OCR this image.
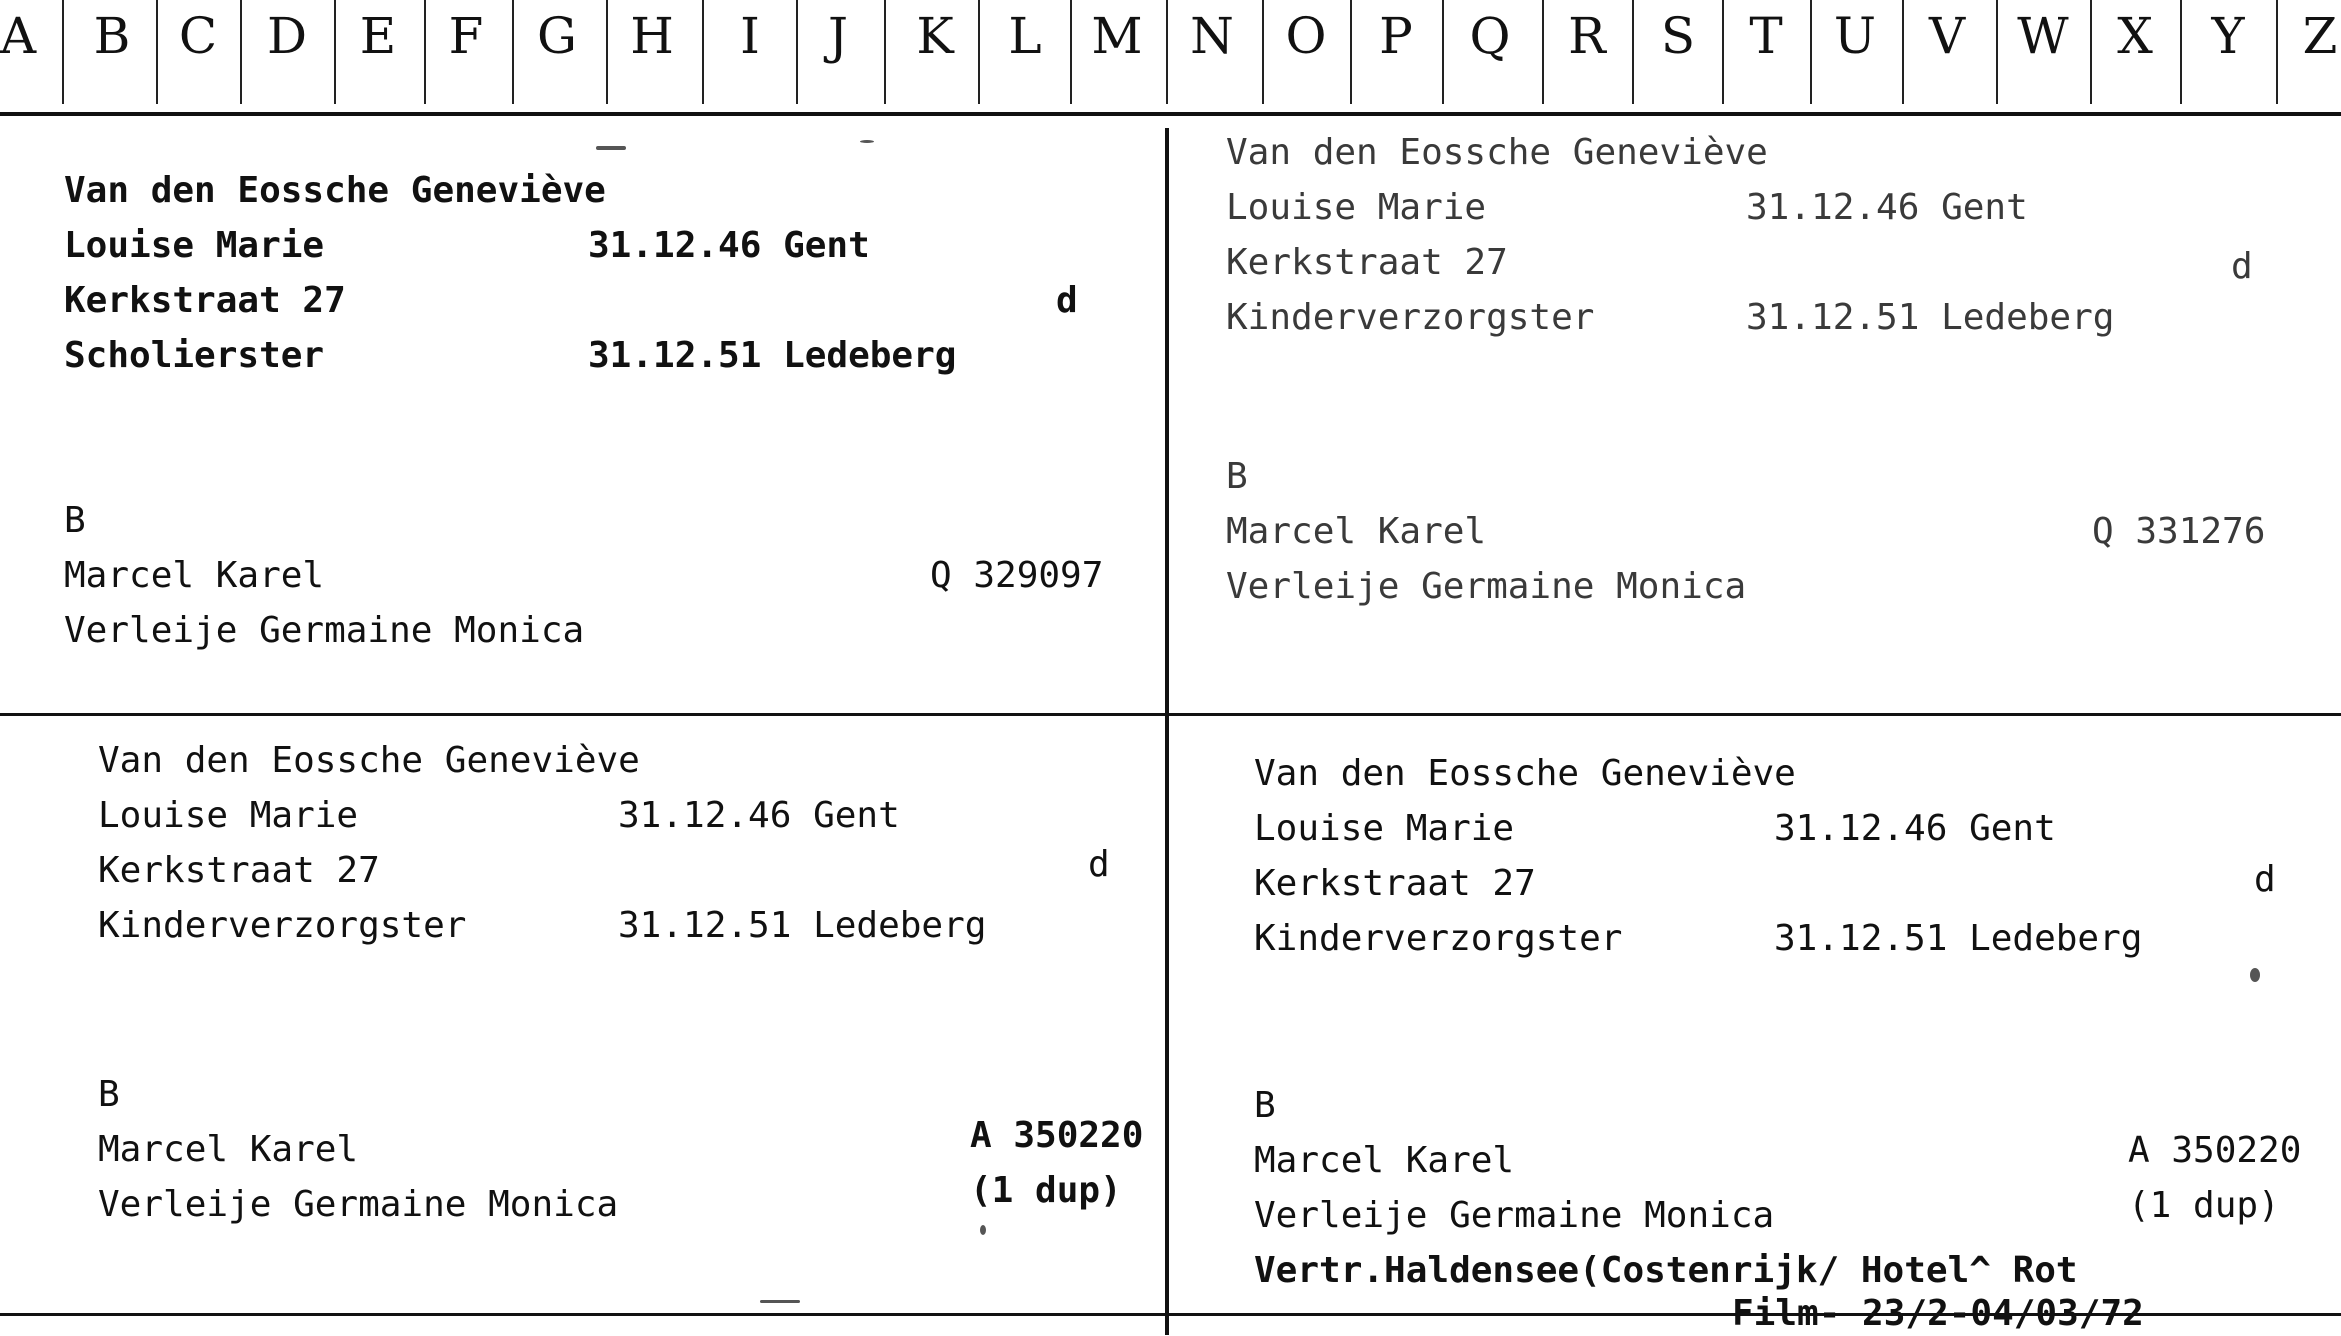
A	B C D	E	F	G	H	I	J	K	L M N	O	P	Q	R	S	T	U	V	W X	Y	Z
Van den Eossche Geneviève
Louise Marie	31.12.46 Gent
Kerkstraat 27	d
Scholierster	31.12.51 Ledeberg
B
Marcel Karel	Q 329097
Verleije Germaine Monica
Van den Eossche Geneviève
Louise Marie	31.12.46 Gent
Kerkstraat 27	d
Kinderverzorgster	31.12.51 Ledeberg
B
Marcel Karel	Q 331276
Verleije Germaine Monica
Van den Eossche Geneviève
Louise Marie	31.12.46 Gent
Kerkstraat 27	d
Kinderverzorgster	31.12.51 Ledeberg
B
Marcel Karel	A 350220
Verleije Germaine Monica	(1 dup)
Van den Eossche Geneviève
Louise Marie	31.12.46 Gent
Kerkstraat 27	d
Kinderverzorgster	31.12.51 Ledeberg
B
Marcel Karel	A 350220
Verleije Germaine Monica	(1 dup)
Vertr.Haldensee(Costenrijk/ Hotel^ Rot
Film- 23/2-04/03/72
